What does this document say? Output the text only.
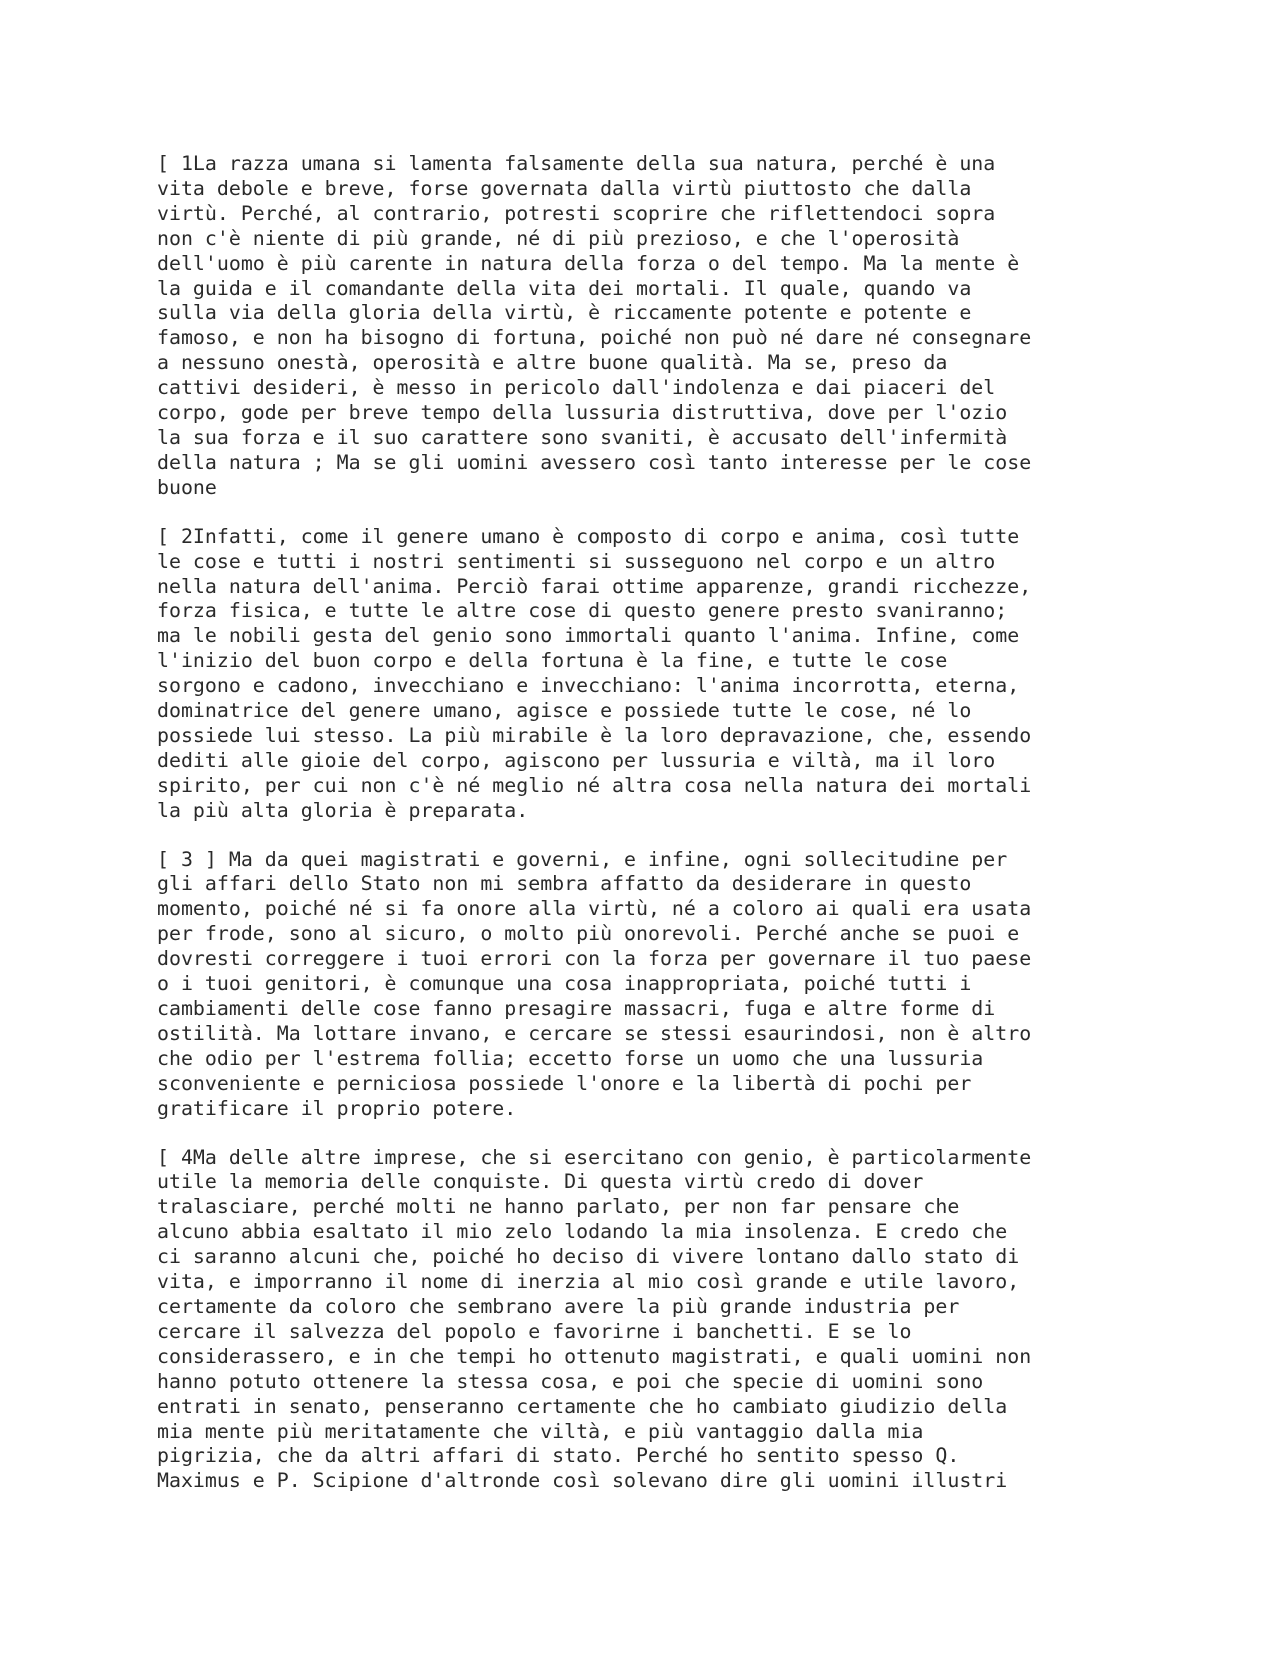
[ 1La razza umana si lamenta falsamente della sua natura, perché è una
vita debole e breve, forse governata dalla virtù piuttosto che dalla
virtù. Perché, al contrario, potresti scoprire che riflettendoci sopra
non c'è niente di più grande, né di più prezioso, e che l'operosità
dell'uomo è più carente in natura della forza o del tempo. Ma la mente è
la guida e il comandante della vita dei mortali. Il quale, quando va
sulla via della gloria della virtù, è riccamente potente e potente e
famoso, e non ha bisogno di fortuna, poiché non può né dare né consegnare
a nessuno onestà, operosità e altre buone qualità. Ma se, preso da
cattivi desideri, è messo in pericolo dall'indolenza e dai piaceri del
corpo, gode per breve tempo della lussuria distruttiva, dove per l'ozio
la sua forza e il suo carattere sono svaniti, è accusato dell'infermità
della natura ; Ma se gli uomini avessero così tanto interesse per le cose
buone

[ 2Infatti, come il genere umano è composto di corpo e anima, così tutte
le cose e tutti i nostri sentimenti si susseguono nel corpo e un altro
nella natura dell'anima. Perciò farai ottime apparenze, grandi ricchezze,
forza fisica, e tutte le altre cose di questo genere presto svaniranno;
ma le nobili gesta del genio sono immortali quanto l'anima. Infine, come
l'inizio del buon corpo e della fortuna è la fine, e tutte le cose
sorgono e cadono, invecchiano e invecchiano: l'anima incorrotta, eterna,
dominatrice del genere umano, agisce e possiede tutte le cose, né lo
possiede lui stesso. La più mirabile è la loro depravazione, che, essendo
dediti alle gioie del corpo, agiscono per lussuria e viltà, ma il loro
spirito, per cui non c'è né meglio né altra cosa nella natura dei mortali
la più alta gloria è preparata.

[ 3 ] Ma da quei magistrati e governi, e infine, ogni sollecitudine per
gli affari dello Stato non mi sembra affatto da desiderare in questo
momento, poiché né si fa onore alla virtù, né a coloro ai quali era usata
per frode, sono al sicuro, o molto più onorevoli. Perché anche se puoi e
dovresti correggere i tuoi errori con la forza per governare il tuo paese
o i tuoi genitori, è comunque una cosa inappropriata, poiché tutti i
cambiamenti delle cose fanno presagire massacri, fuga e altre forme di
ostilità. Ma lottare invano, e cercare se stessi esaurindosi, non è altro
che odio per l'estrema follia; eccetto forse un uomo che una lussuria
sconveniente e perniciosa possiede l'onore e la libertà di pochi per
gratificare il proprio potere.

[ 4Ma delle altre imprese, che si esercitano con genio, è particolarmente
utile la memoria delle conquiste. Di questa virtù credo di dover
tralasciare, perché molti ne hanno parlato, per non far pensare che
alcuno abbia esaltato il mio zelo lodando la mia insolenza. E credo che
ci saranno alcuni che, poiché ho deciso di vivere lontano dallo stato di
vita, e imporranno il nome di inerzia al mio così grande e utile lavoro,
certamente da coloro che sembrano avere la più grande industria per
cercare il salvezza del popolo e favorirne i banchetti. E se lo
considerassero, e in che tempi ho ottenuto magistrati, e quali uomini non
hanno potuto ottenere la stessa cosa, e poi che specie di uomini sono
entrati in senato, penseranno certamente che ho cambiato giudizio della
mia mente più meritatamente che viltà, e più vantaggio dalla mia
pigrizia, che da altri affari di stato. Perché ho sentito spesso Q.
Maximus e P. Scipione d'altronde così solevano dire gli uomini illustri
